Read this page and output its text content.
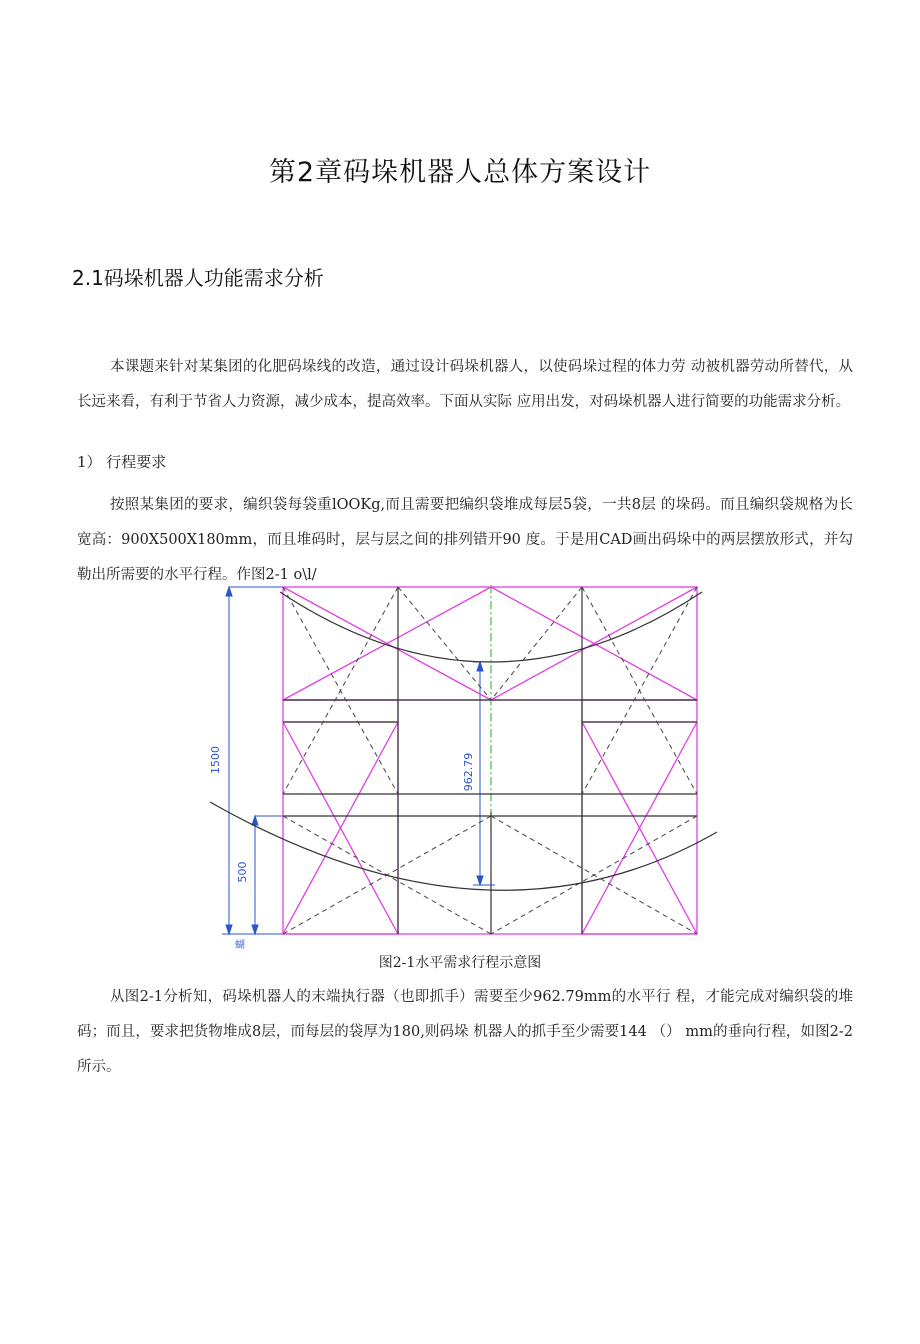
第2章码垛机器人总体方案设计
2.1码垛机器人功能需求分析
本课题来针对某集团的化肥码垛线的改造，通过设计码垛机器人，以使码垛过程的体力劳 动被机器劳动所替代，从长远来看，有利于节省人力资源，减少成本，提高效率。下面从实际 应用出发，对码垛机器人进行简要的功能需求分析。
1） 行程要求
按照某集团的要求，编织袋每袋重lOOKg,而且需要把编织袋堆成每层5袋，一共8层 的垛码。而且编织袋规格为长宽高：900X500X180mm，而且堆码时，层与层之间的排列错开90 度。于是用CAD画出码垛中的两层摆放形式，并勾勒出所需要的水平行程。作图2-1 o\l/
1500
500
962.79
蝴
图2-1水平需求行程示意图
从图2-1分析知，码垛机器人的末端执行器（也即抓手）需要至少962.79mm的水平行 程，才能完成对编织袋的堆码；而且，要求把货物堆成8层，而每层的袋厚为180,则码垛 机器人的抓手至少需要144 （） mm的垂向行程，如图2-2所示。
